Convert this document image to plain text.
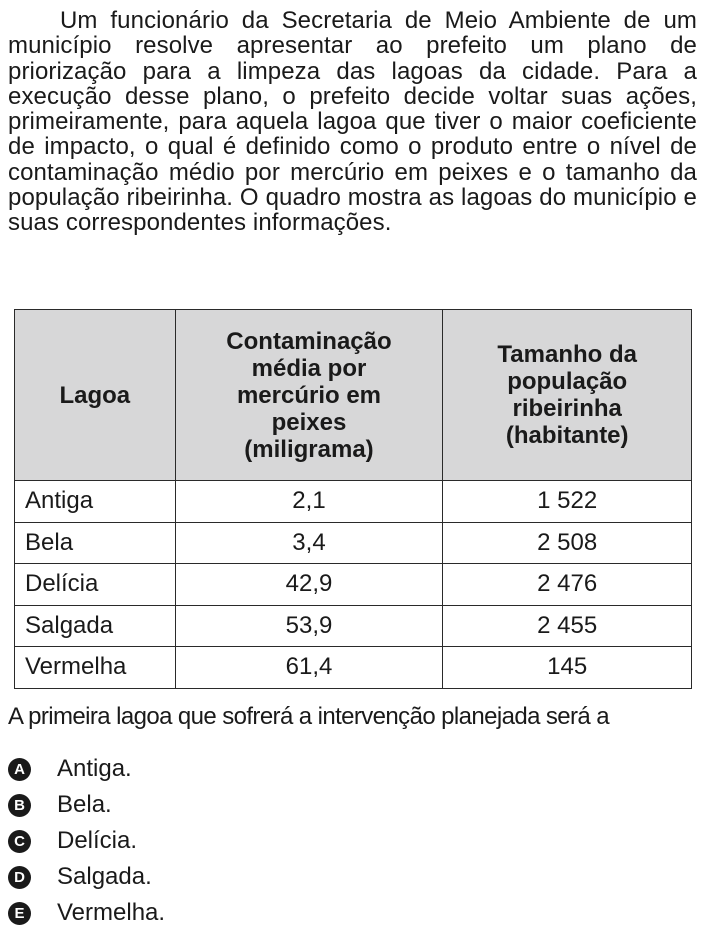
Um funcionário da Secretaria de Meio Ambiente de um município resolve apresentar ao prefeito um plano de priorização para a limpeza das lagoas da cidade. Para a execução desse plano, o prefeito decide voltar suas ações, primeiramente, para aquela lagoa que tiver o maior coeficiente de impacto, o qual é definido como o produto entre o nível de contaminação médio por mercúrio em peixes e o tamanho da população ribeirinha. O quadro mostra as lagoas do município e suas correspondentes informações.

Lagoa	Contaminação média por mercúrio em peixes (miligrama)	Tamanho da população ribeirinha (habitante)

Antiga	2,1	1 522
Bela	3,4	2 508
Delícia	42,9	2 476
Salgada	53,9	2 455
Vermelha	61,4	145

A primeira lagoa que sofrerá a intervenção planejada será a

A Antiga.
B Bela.
C Delícia.
D Salgada.
E Vermelha.
